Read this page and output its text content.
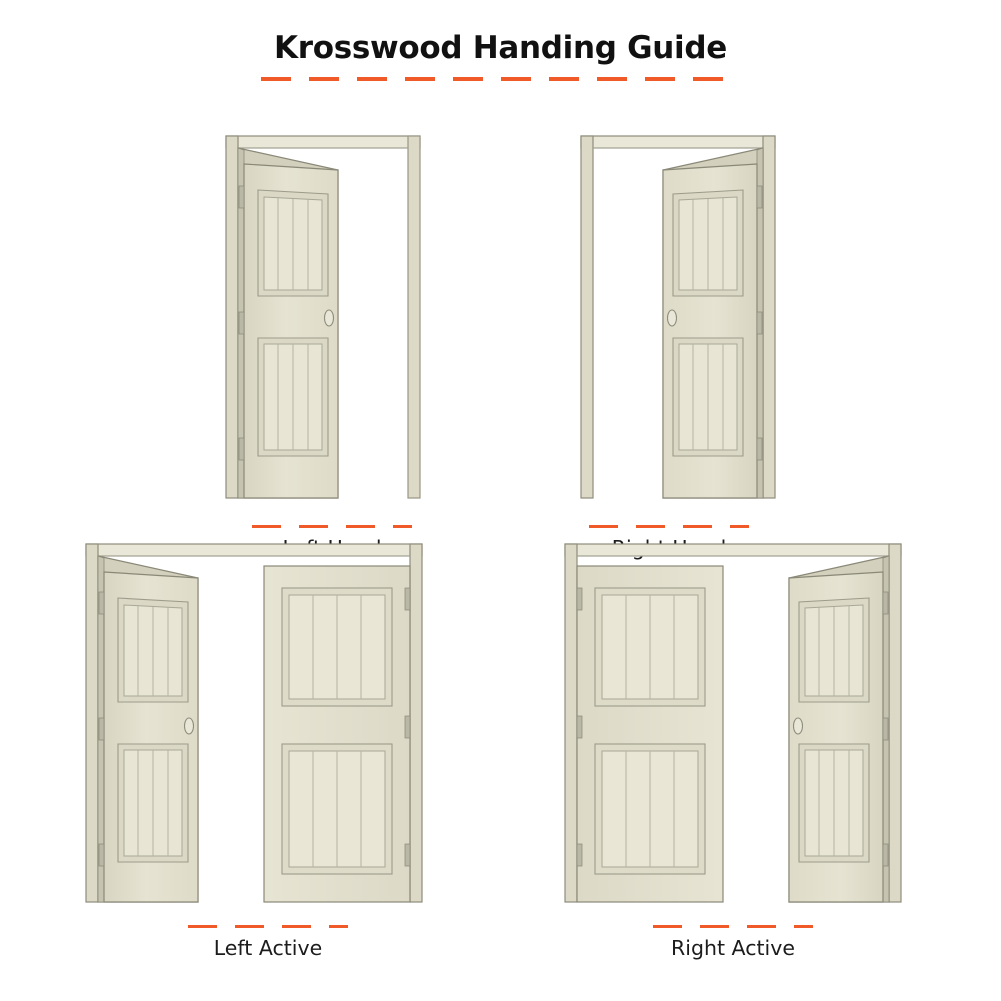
Krosswood Handing Guide
Left Active	Right Active
